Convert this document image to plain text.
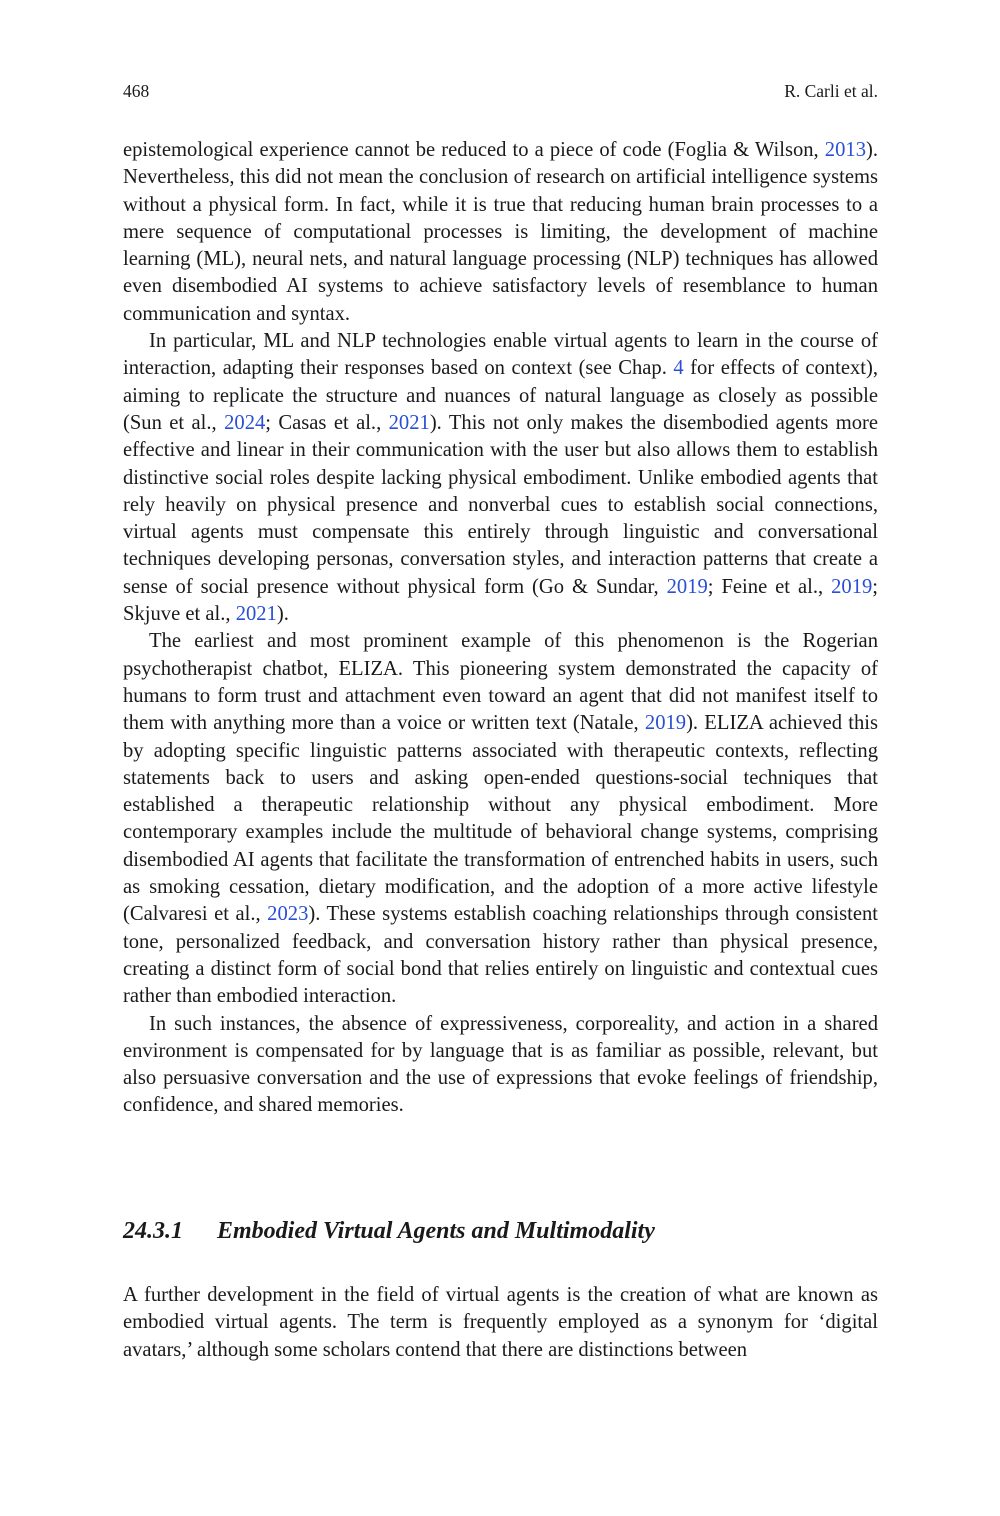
468	R. Carli et al.

epistemological experience cannot be reduced to a piece of code (Foglia & Wilson, 2013). Nevertheless, this did not mean the conclusion of research on artificial intelligence systems without a physical form. In fact, while it is true that reducing human brain processes to a mere sequence of computational processes is limiting, the development of machine learning (ML), neural nets, and natural language processing (NLP) techniques has allowed even disembodied AI systems to achieve satisfactory levels of resemblance to human communication and syntax.

In particular, ML and NLP technologies enable virtual agents to learn in the course of interaction, adapting their responses based on context (see Chap. 4 for effects of context), aiming to replicate the structure and nuances of natural language as closely as possible (Sun et al., 2024; Casas et al., 2021). This not only makes the disembodied agents more effective and linear in their communication with the user but also allows them to establish distinctive social roles despite lacking physical embodiment. Unlike embodied agents that rely heavily on physical presence and nonverbal cues to establish social connections, virtual agents must compensate this entirely through linguistic and conversational techniques developing personas, conversation styles, and interaction patterns that create a sense of social presence without physical form (Go & Sundar, 2019; Feine et al., 2019; Skjuve et al., 2021).

The earliest and most prominent example of this phenomenon is the Rogerian psychotherapist chatbot, ELIZA. This pioneering system demonstrated the capacity of humans to form trust and attachment even toward an agent that did not manifest itself to them with anything more than a voice or written text (Natale, 2019). ELIZA achieved this by adopting specific linguistic patterns associated with therapeutic contexts, reflecting statements back to users and asking open-ended questions-social techniques that established a therapeutic relationship without any physical embodiment. More contemporary examples include the multitude of behavioral change systems, comprising disembodied AI agents that facilitate the transformation of entrenched habits in users, such as smoking cessation, dietary modification, and the adoption of a more active lifestyle (Calvaresi et al., 2023). These systems establish coaching relationships through consistent tone, personalized feedback, and conversation history rather than physical presence, creating a distinct form of social bond that relies entirely on linguistic and contextual cues rather than embodied interaction.

In such instances, the absence of expressiveness, corporeality, and action in a shared environment is compensated for by language that is as familiar as possible, relevant, but also persuasive conversation and the use of expressions that evoke feelings of friendship, confidence, and shared memories.

24.3.1 Embodied Virtual Agents and Multimodality

A further development in the field of virtual agents is the creation of what are known as embodied virtual agents. The term is frequently employed as a synonym for ‘digital avatars,’ although some scholars contend that there are distinctions between
